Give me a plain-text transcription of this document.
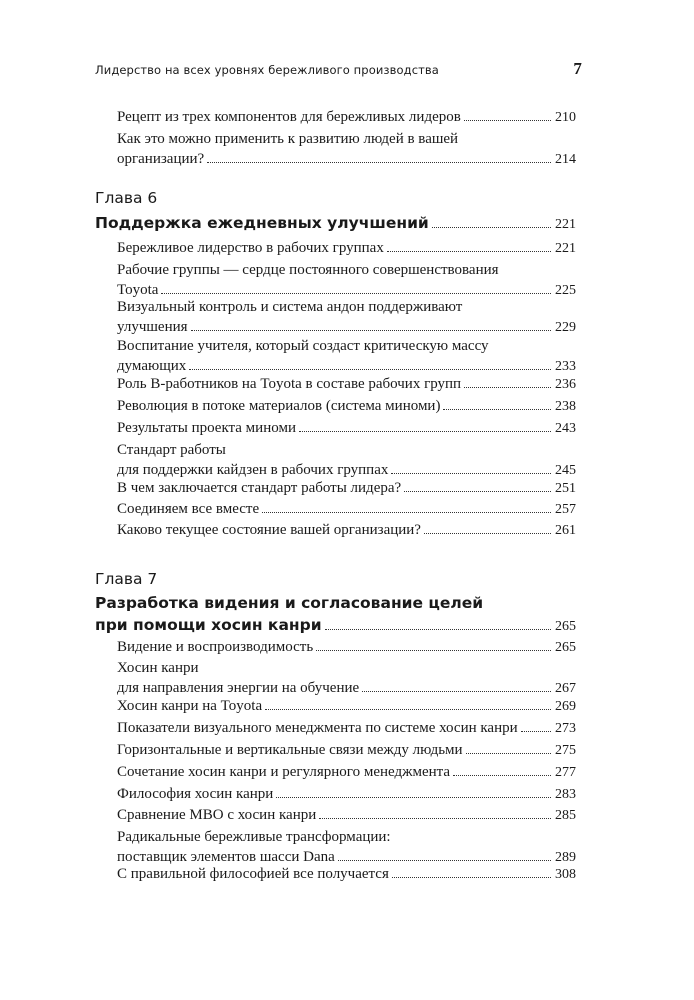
Лидерство на всех уровнях бережливого производства	7
Рецепт из трех компонентов для бережливых лидеров	210
Как это можно применить к развитию людей в вашей
организации?	214
Глава 6
Поддержка ежедневных улучшений	221
Бережливое лидерство в рабочих группах	221
Рабочие группы — сердце постоянного совершенствования
Toyota	225
Визуальный контроль и система андон поддерживают
улучшения	229
Воспитание учителя, который создаст критическую массу
думающих	233
Роль B-работников на Toyota в составе рабочих групп	236
Революция в потоке материалов (система миноми)	238
Результаты проекта миноми	243
Стандарт работы
для поддержки кайдзен в рабочих группах	245
В чем заключается стандарт работы лидера?	251
Соединяем все вместе	257
Каково текущее состояние вашей организации?	261
Глава 7
Разработка видения и согласование целей
при помощи хосин канри	265
Видение и воспроизводимость	265
Хосин канри
для направления энергии на обучение	267
Хосин канри на Toyota	269
Показатели визуального менеджмента по системе хосин канри	273
Горизонтальные и вертикальные связи между людьми	275
Сочетание хосин канри и регулярного менеджмента	277
Философия хосин канри	283
Сравнение MBO с хосин канри	285
Радикальные бережливые трансформации:
поставщик элементов шасси Dana	289
С правильной философией все получается	308
